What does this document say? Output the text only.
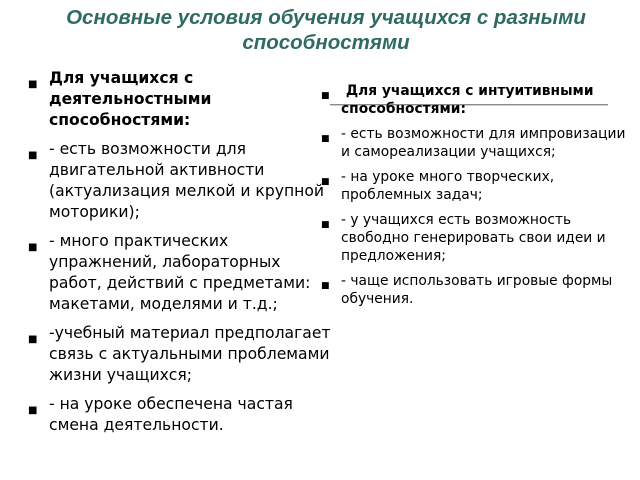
Основные условия обучения учащихся с разными способностями
■ Для учащихся с деятельностными способностями:
■ - есть возможности для двигательной активности (актуализация мелкой и крупной моторики);
■ - много практических упражнений, лабораторных работ, действий с предметами: макетами, моделями и т.д.;
■ -учебный материал предполагает связь с актуальными проблемами жизни учащихся;
■ - на уроке обеспечена частая смена деятельности.
■ Для учащихся с интуитивными способностями:
■ - есть возможности для импровизации и самореализации учащихся;
■ - на уроке много творческих, проблемных задач;
■ - у учащихся есть возможность свободно генерировать свои идеи и предложения;
■ - чаще использовать игровые формы обучения.
